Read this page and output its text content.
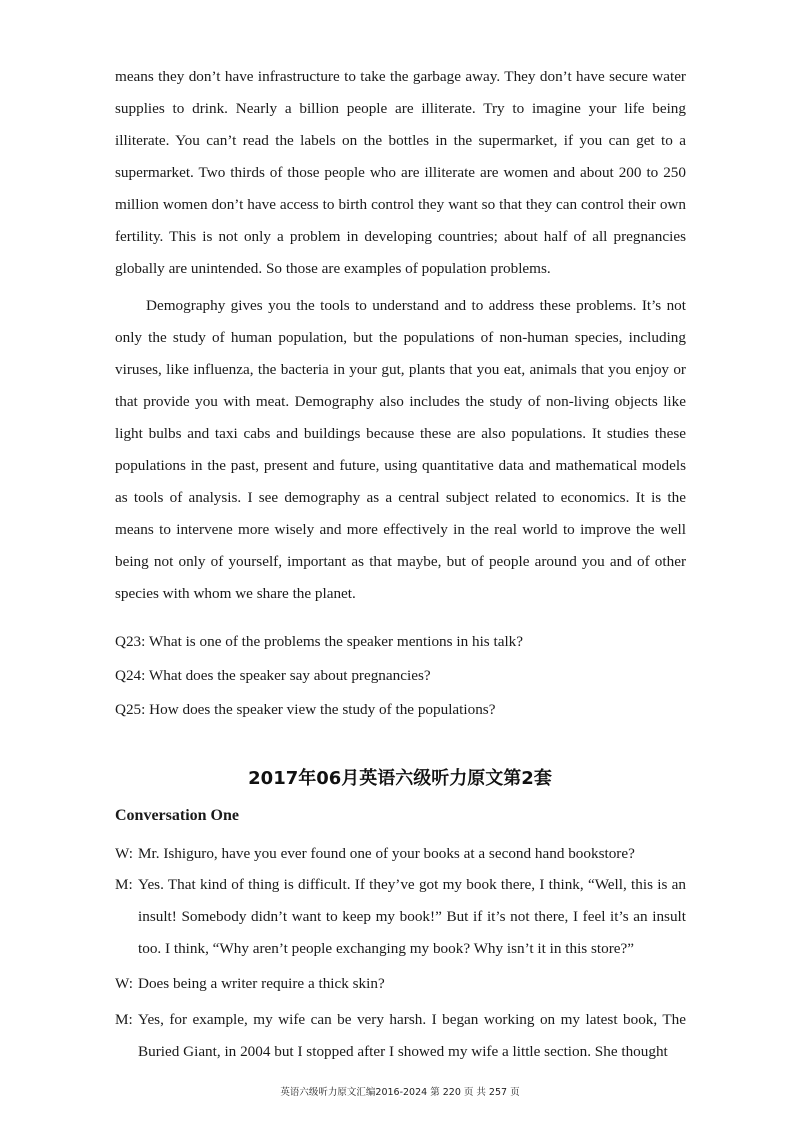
means they don’t have infrastructure to take the garbage away. They don’t have secure water supplies to drink. Nearly a billion people are illiterate. Try to imagine your life being illiterate. You can’t read the labels on the bottles in the supermarket, if you can get to a supermarket. Two thirds of those people who are illiterate are women and about 200 to 250 million women don’t have access to birth control they want so that they can control their own fertility. This is not only a problem in developing countries; about half of all pregnancies globally are unintended. So those are examples of population problems.

Demography gives you the tools to understand and to address these problems. It’s not only the study of human population, but the populations of non-human species, including viruses, like influenza, the bacteria in your gut, plants that you eat, animals that you enjoy or that provide you with meat. Demography also includes the study of non-living objects like light bulbs and taxi cabs and buildings because these are also populations. It studies these populations in the past, present and future, using quantitative data and mathematical models as tools of analysis. I see demography as a central subject related to economics. It is the means to intervene more wisely and more effectively in the real world to improve the well being not only of yourself, important as that maybe, but of people around you and of other species with whom we share the planet.

Q23: What is one of the problems the speaker mentions in his talk?

Q24: What does the speaker say about pregnancies?

Q25: How does the speaker view the study of the populations?

2017年06月英语六级听力原文第2套
Conversation One
W: Mr. Ishiguro, have you ever found one of your books at a second hand bookstore?
M: Yes. That kind of thing is difficult. If they’ve got my book there, I think, “Well, this is an insult! Somebody didn’t want to keep my book!” But if it’s not there, I feel it’s an insult too. I think, “Why aren’t people exchanging my book? Why isn’t it in this store?”
W: Does being a writer require a thick skin?
M: Yes, for example, my wife can be very harsh. I began working on my latest book, The Buried Giant, in 2004 but I stopped after I showed my wife a little section. She thought

英语六级听力原文汇编2016-2024 第 220 页 共 257 页
